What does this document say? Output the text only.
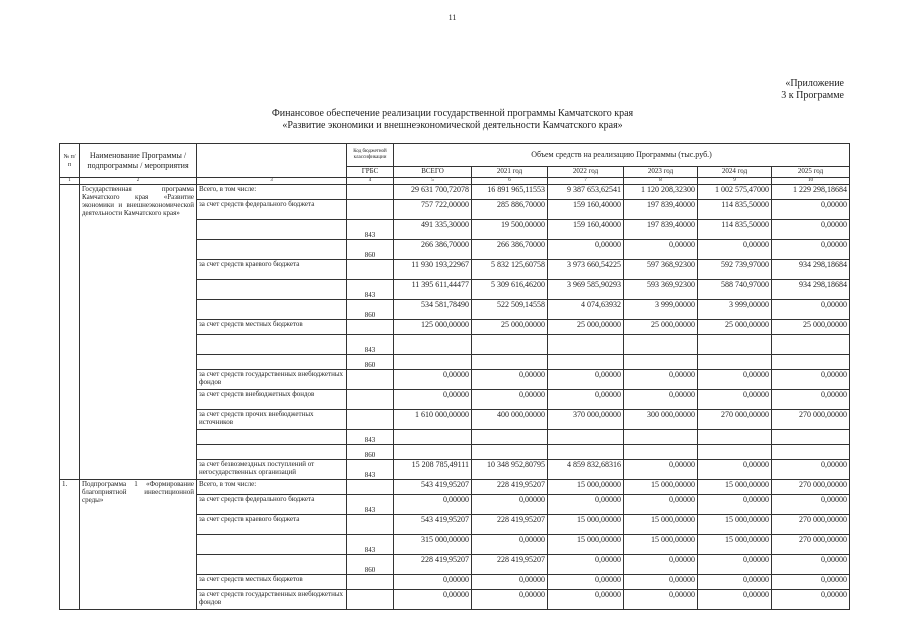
11
«Приложение
3 к Программе
Финансовое обеспечение реализации государственной программы Камчатского края
«Развитие экономики и внешнеэкономической деятельности Камчатского края»
№ п/п	Наименование Программы / подпрограммы / мероприятия		Код бюджетной классификации	Объем средств на реализацию Программы (тыс.руб.)					
			ГРБС	ВСЕГО	2021 год	2022 год	2023 год	2024 год	2025 год
1	2	3	4	5	6	7	8	9	10
	Государственная программа Камчатского края «Развитие экономики и внешнеэкономической деятельности Камчатского края»	Всего, в том числе:		29 631 700,72078	16 891 965,11553	9 387 653,62541	1 120 208,32300	1 002 575,47000	1 229 298,18684
		за счет средств федерального бюджета		757 722,00000	285 886,70000	159 160,40000	197 839,40000	114 835,50000	0,00000
			843	491 335,30000	19 500,00000	159 160,40000	197 839,40000	114 835,50000	0,00000
			860	266 386,70000	266 386,70000	0,00000	0,00000	0,00000	0,00000
		за счет средств краевого бюджета		11 930 193,22967	5 832 125,60758	3 973 660,54225	597 368,92300	592 739,97000	934 298,18684
			843	11 395 611,44477	5 309 616,46200	3 969 585,90293	593 369,92300	588 740,97000	934 298,18684
			860	534 581,78490	522 509,14558	4 074,63932	3 999,00000	3 999,00000	0,00000
		за счет средств местных бюджетов		125 000,00000	25 000,00000	25 000,00000	25 000,00000	25 000,00000	25 000,00000
			843						
			860						
		за счет средств государственных внебюджетных фондов		0,00000	0,00000	0,00000	0,00000	0,00000	0,00000
		за счет средств внебюджетных фондов		0,00000	0,00000	0,00000	0,00000	0,00000	0,00000
		за счет средств прочих внебюджетных источников		1 610 000,00000	400 000,00000	370 000,00000	300 000,00000	270 000,00000	270 000,00000
			843						
			860						
		за счет безвозмездных поступлений от негосударственных организаций	843	15 208 785,49111	10 348 952,80795	4 859 832,68316	0,00000	0,00000	0,00000
1.	Подпрограмма 1 «Формирование благоприятной инвестиционной среды»	Всего, в том числе:		543 419,95207	228 419,95207	15 000,00000	15 000,00000	15 000,00000	270 000,00000
		за счет средств федерального бюджета	843	0,00000	0,00000	0,00000	0,00000	0,00000	0,00000
		за счет средств краевого бюджета		543 419,95207	228 419,95207	15 000,00000	15 000,00000	15 000,00000	270 000,00000
			843	315 000,00000	0,00000	15 000,00000	15 000,00000	15 000,00000	270 000,00000
			860	228 419,95207	228 419,95207	0,00000	0,00000	0,00000	0,00000
		за счет средств местных бюджетов		0,00000	0,00000	0,00000	0,00000	0,00000	0,00000
		за счет средств государственных внебюджетных фондов		0,00000	0,00000	0,00000	0,00000	0,00000	0,00000
